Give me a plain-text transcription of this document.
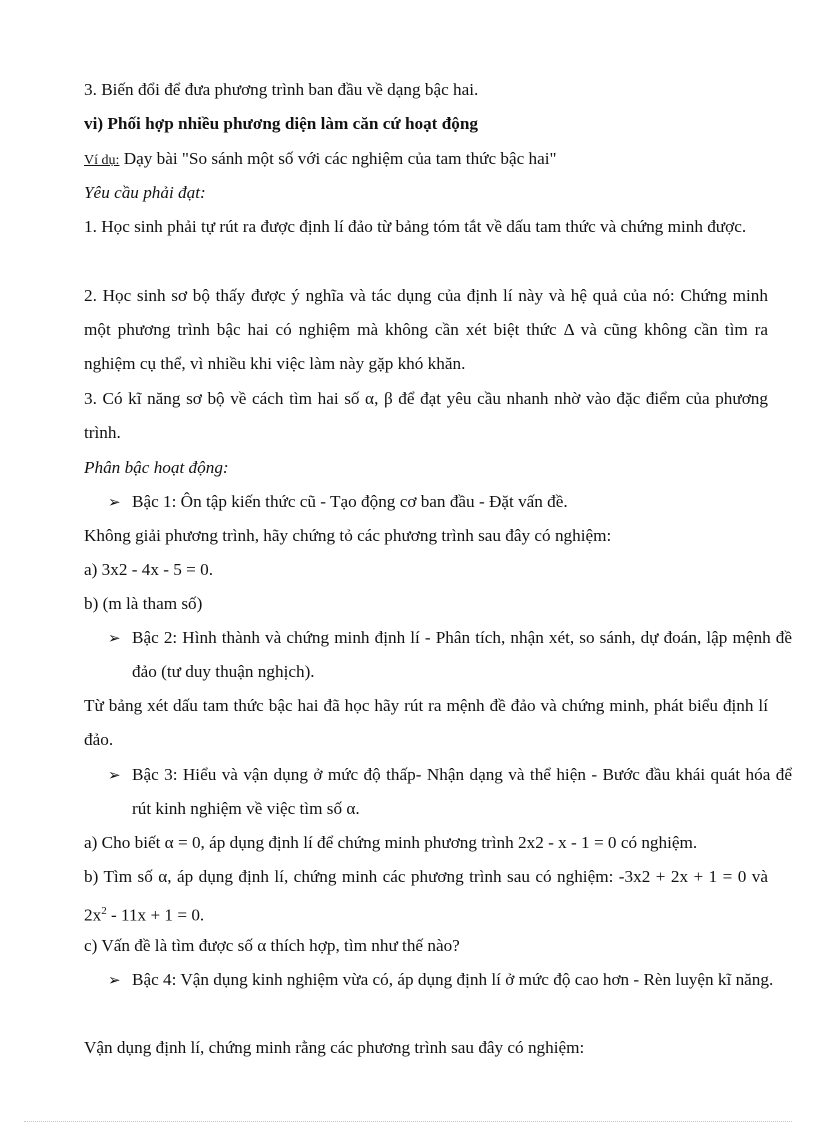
3. Biến đổi để đưa phương trình ban đầu về dạng bậc hai.

vi) Phối hợp nhiều phương diện làm căn cứ hoạt động

Ví dụ: Dạy bài "So sánh một số với các nghiệm của tam thức bậc hai"

Yêu cầu phải đạt:

1. Học sinh phải tự rút ra được định lí đảo từ bảng tóm tắt về dấu tam thức và chứng minh được.

2. Học sinh sơ bộ thấy được ý nghĩa và tác dụng của định lí này và hệ quả của nó: Chứng minh một phương trình bậc hai có nghiệm mà không cần xét biệt thức Δ và cũng không cần tìm ra nghiệm cụ thể, vì nhiều khi việc làm này gặp khó khăn.

3. Có kĩ năng sơ bộ về cách tìm hai số α, β để đạt yêu cầu nhanh nhờ vào đặc điểm của phương trình.

Phân bậc hoạt động:

➢ Bậc 1: Ôn tập kiến thức cũ - Tạo động cơ ban đầu - Đặt vấn đề.

Không giải phương trình, hãy chứng tỏ các phương trình sau đây có nghiệm:

a) 3x2 - 4x - 5 = 0.

b) (m là tham số)

➢ Bậc 2: Hình thành và chứng minh định lí - Phân tích, nhận xét, so sánh, dự đoán, lập mệnh đề đảo (tư duy thuận nghịch).

Từ bảng xét dấu tam thức bậc hai đã học hãy rút ra mệnh đề đảo và chứng minh, phát biểu định lí đảo.

➢ Bậc 3: Hiểu và vận dụng ở mức độ thấp- Nhận dạng và thể hiện - Bước đầu khái quát hóa để rút kinh nghiệm về việc tìm số α.

a) Cho biết α = 0, áp dụng định lí để chứng minh phương trình 2x2 - x - 1 = 0 có nghiệm.

b) Tìm số α, áp dụng định lí, chứng minh các phương trình sau có nghiệm: -3x2 + 2x + 1 = 0 và $2x^2 - 11x + 1 = 0$.

c) Vấn đề là tìm được số α thích hợp, tìm như thế nào?

➢ Bậc 4: Vận dụng kinh nghiệm vừa có, áp dụng định lí ở mức độ cao hơn - Rèn luyện kĩ năng.

Vận dụng định lí, chứng minh rằng các phương trình sau đây có nghiệm:
